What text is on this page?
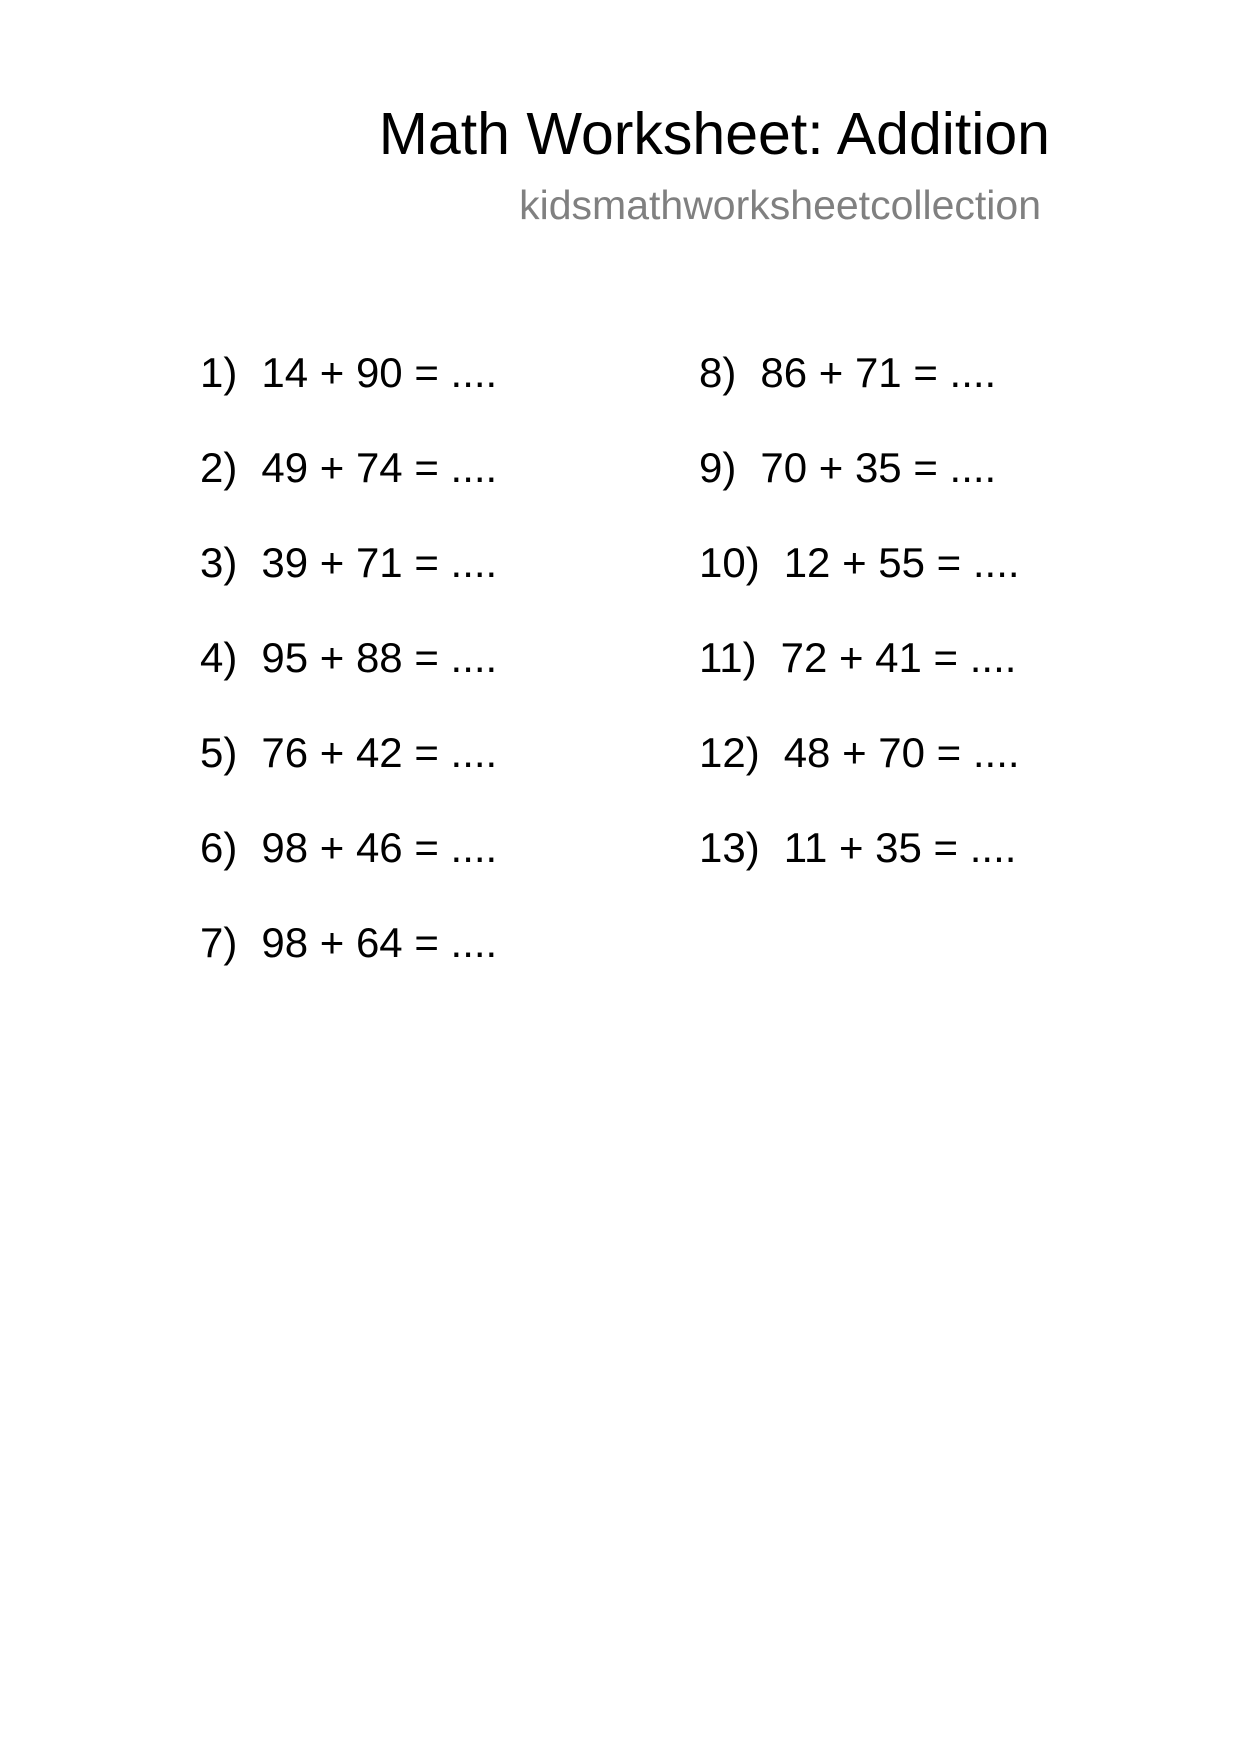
Math Worksheet: Addition
kidsmathworksheetcollection
1) 14 + 90 = ....
2) 49 + 74 = ....
3) 39 + 71 = ....
4) 95 + 88 = ....
5) 76 + 42 = ....
6) 98 + 46 = ....
7) 98 + 64 = ....
8) 86 + 71 = ....
9) 70 + 35 = ....
10) 12 + 55 = ....
11) 72 + 41 = ....
12) 48 + 70 = ....
13) 11 + 35 = ....
